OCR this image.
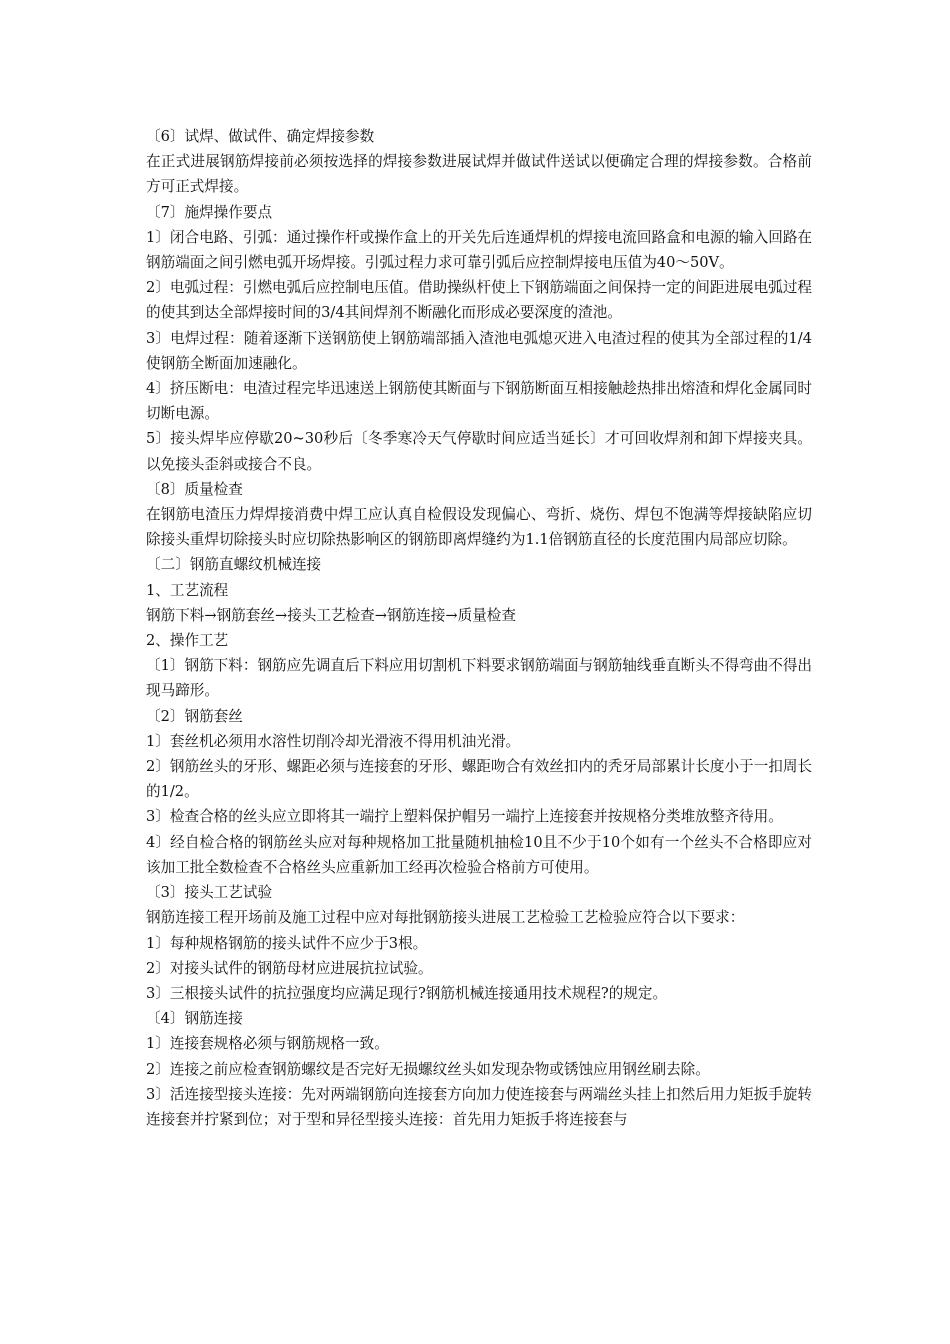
〔6〕试焊、做试件、确定焊接参数

在正式进展钢筋焊接前必须按选择的焊接参数进展试焊并做试件送试以便确定合理的焊接参数。合格前方可正式焊接。

〔7〕施焊操作要点

1〕闭合电路、引弧：通过操作杆或操作盒上的开关先后连通焊机的焊接电流回路盒和电源的输入回路在钢筋端面之间引燃电弧开场焊接。引弧过程力求可靠引弧后应控制焊接电压值为40～50V。

2〕电弧过程：引燃电弧后应控制电压值。借助操纵杆使上下钢筋端面之间保持一定的间距进展电弧过程的使其到达全部焊接时间的3/4其间焊剂不断融化而形成必要深度的渣池。

3〕电焊过程：随着逐渐下送钢筋使上钢筋端部插入渣池电弧熄灭进入电渣过程的使其为全部过程的1/4使钢筋全断面加速融化。

4〕挤压断电：电渣过程完毕迅速送上钢筋使其断面与下钢筋断面互相接触趁热排出熔渣和焊化金属同时切断电源。

5〕接头焊毕应停歇20~30秒后〔冬季寒冷天气停歇时间应适当延长〕才可回收焊剂和卸下焊接夹具。以免接头歪斜或接合不良。

〔8〕质量检查

在钢筋电渣压力焊焊接消费中焊工应认真自检假设发现偏心、弯折、烧伤、焊包不饱满等焊接缺陷应切除接头重焊切除接头时应切除热影响区的钢筋即离焊缝约为1.1倍钢筋直径的长度范围内局部应切除。

〔二〕钢筋直螺纹机械连接

1、工艺流程

钢筋下料→钢筋套丝→接头工艺检查→钢筋连接→质量检查

2、操作工艺

〔1〕钢筋下料：钢筋应先调直后下料应用切割机下料要求钢筋端面与钢筋轴线垂直断头不得弯曲不得出现马蹄形。

〔2〕钢筋套丝

1〕套丝机必须用水溶性切削冷却光滑液不得用机油光滑。

2〕钢筋丝头的牙形、螺距必须与连接套的牙形、螺距吻合有效丝扣内的秃牙局部累计长度小于一扣周长的1/2。

3〕检查合格的丝头应立即将其一端拧上塑料保护帽另一端拧上连接套并按规格分类堆放整齐待用。

4〕经自检合格的钢筋丝头应对每种规格加工批量随机抽检10且不少于10个如有一个丝头不合格即应对该加工批全数检查不合格丝头应重新加工经再次检验合格前方可使用。

〔3〕接头工艺试验

钢筋连接工程开场前及施工过程中应对每批钢筋接头进展工艺检验工艺检验应符合以下要求：

1〕每种规格钢筋的接头试件不应少于3根。

2〕对接头试件的钢筋母材应进展抗拉试验。

3〕三根接头试件的抗拉强度均应满足现行?钢筋机械连接通用技术规程?的规定。

〔4〕钢筋连接

1〕连接套规格必须与钢筋规格一致。

2〕连接之前应检查钢筋螺纹是否完好无损螺纹丝头如发现杂物或锈蚀应用钢丝刷去除。

3〕活连接型接头连接：先对两端钢筋向连接套方向加力使连接套与两端丝头挂上扣然后用力矩扳手旋转连接套并拧紧到位；对于型和异径型接头连接：首先用力矩扳手将连接套与
